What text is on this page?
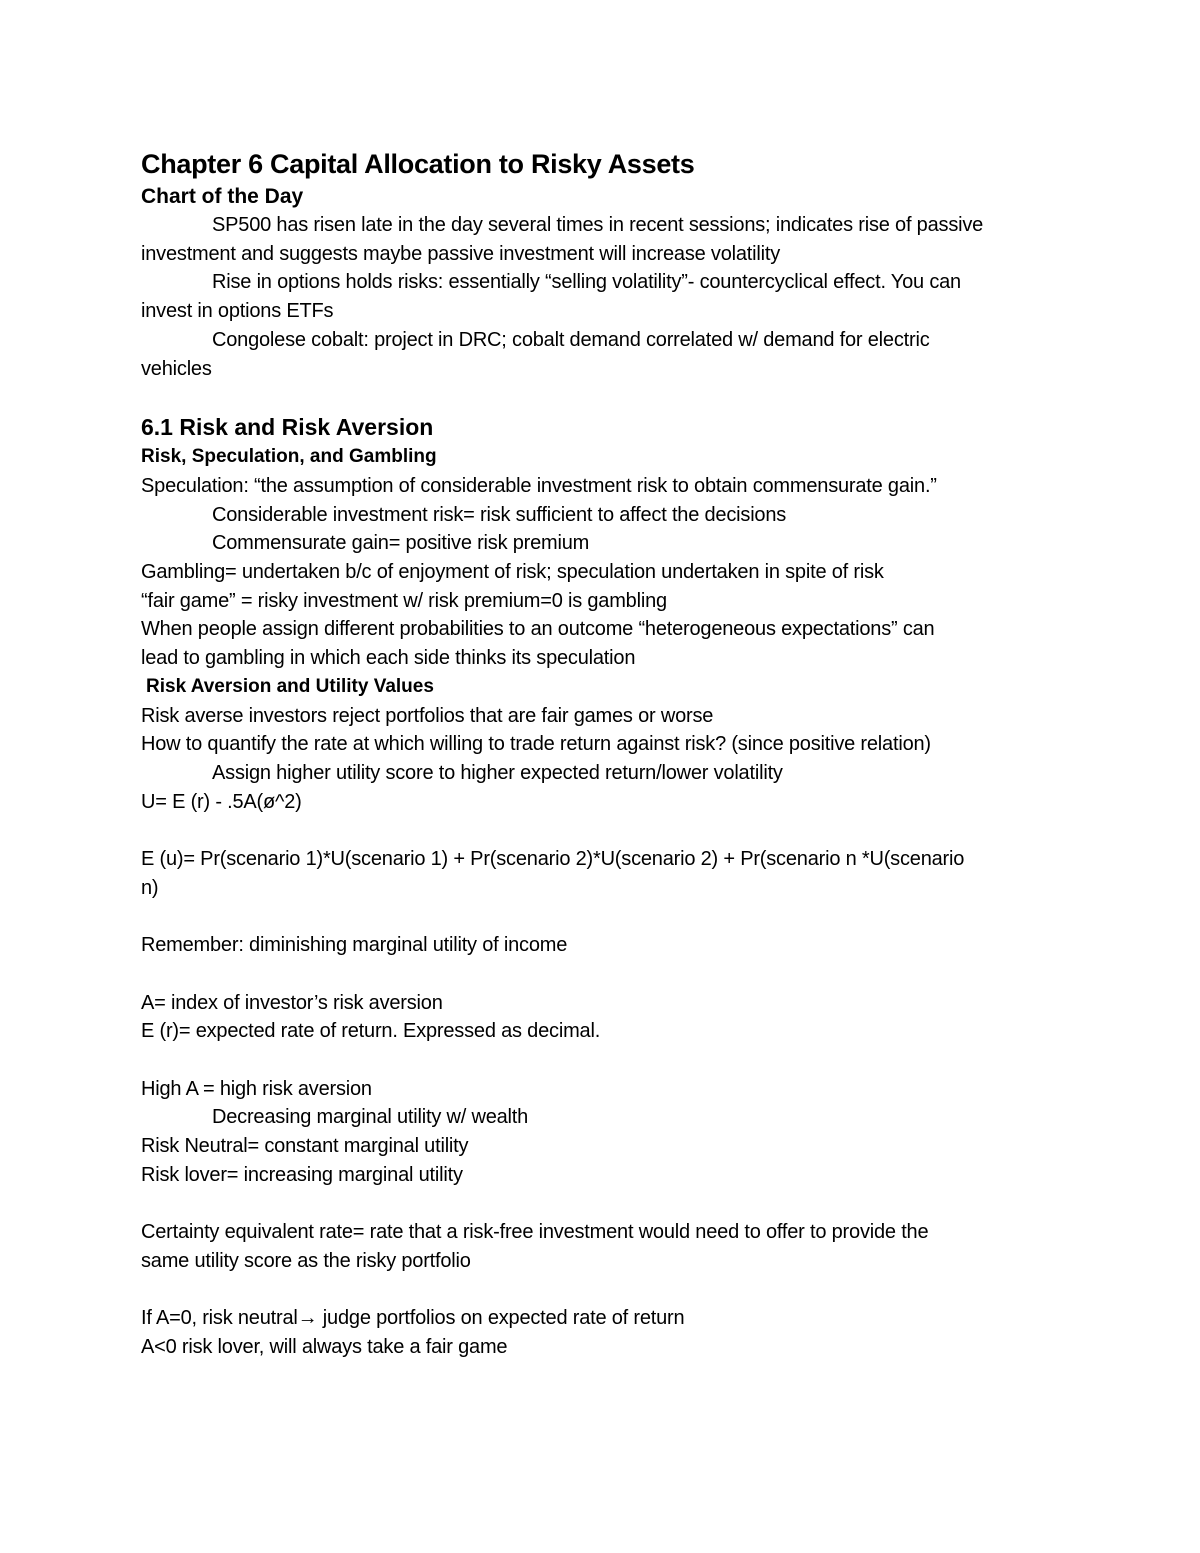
Chapter 6 Capital Allocation to Risky Assets
Chart of the Day
SP500 has risen late in the day several times in recent sessions; indicates rise of passive
investment and suggests maybe passive investment will increase volatility
Rise in options holds risks: essentially “selling volatility”- countercyclical effect. You can
invest in options ETFs
Congolese cobalt: project in DRC; cobalt demand correlated w/ demand for electric
vehicles
6.1 Risk and Risk Aversion
Risk, Speculation, and Gambling
Speculation: “the assumption of considerable investment risk to obtain commensurate gain.”
Considerable investment risk= risk sufficient to affect the decisions
Commensurate gain= positive risk premium
Gambling= undertaken b/c of enjoyment of risk; speculation undertaken in spite of risk
“fair game” = risky investment w/ risk premium=0 is gambling
When people assign different probabilities to an outcome “heterogeneous expectations” can
lead to gambling in which each side thinks its speculation
Risk Aversion and Utility Values
Risk averse investors reject portfolios that are fair games or worse
How to quantify the rate at which willing to trade return against risk? (since positive relation)
Assign higher utility score to higher expected return/lower volatility
U= E (r) - .5A(ø^2)
E (u)= Pr(scenario 1)*U(scenario 1) + Pr(scenario 2)*U(scenario 2) + Pr(scenario n *U(scenario
n)
Remember: diminishing marginal utility of income
A= index of investor’s risk aversion
E (r)= expected rate of return. Expressed as decimal.
High A = high risk aversion
Decreasing marginal utility w/ wealth
Risk Neutral= constant marginal utility
Risk lover= increasing marginal utility
Certainty equivalent rate= rate that a risk-free investment would need to offer to provide the
same utility score as the risky portfolio
If A=0, risk neutral→ judge portfolios on expected rate of return
A<0 risk lover, will always take a fair game
